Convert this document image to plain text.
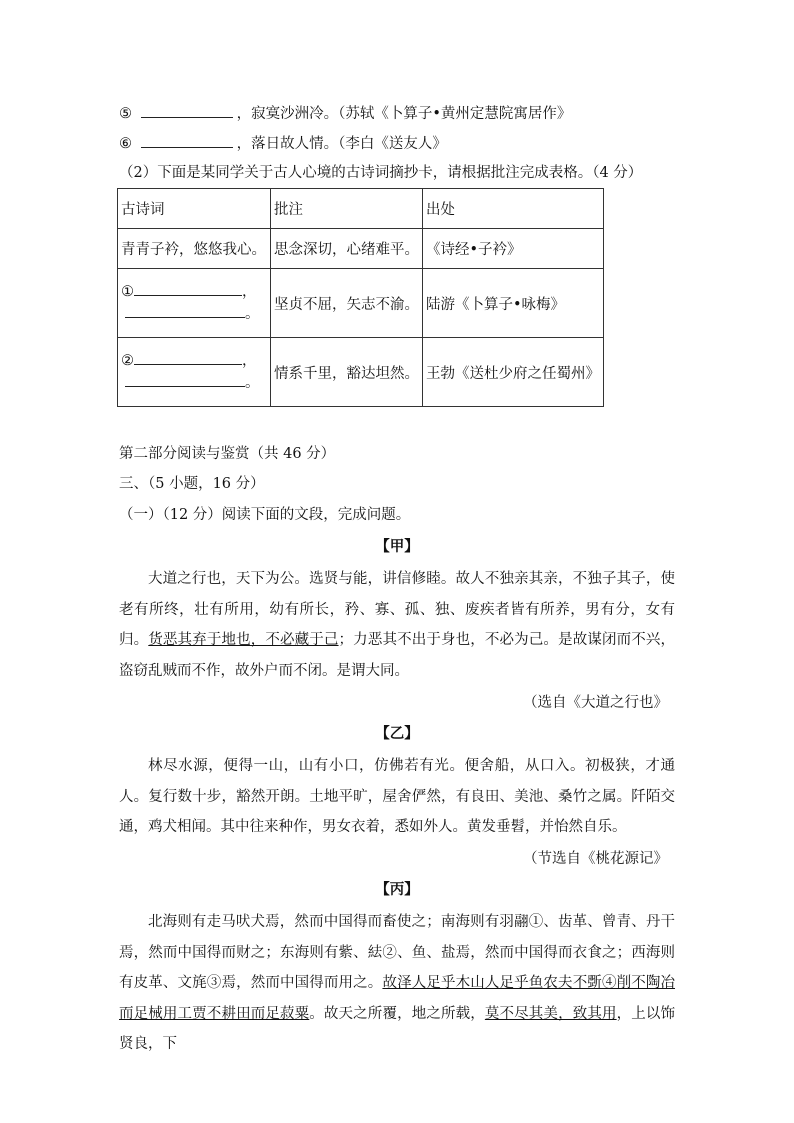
⑤	，寂寞沙洲冷。（苏轼《卜算子•黄州定慧院寓居作》
⑥	，落日故人情。（李白《送友人》
（2）下面是某同学关于古人心境的古诗词摘抄卡，请根据批注完成表格。（4 分）
古诗词	批注	出处
青青子衿，悠悠我心。	思念深切，心绪难平。	《诗经•子衿》
① ，
。	坚贞不屈，矢志不渝。	陆游《卜算子•咏梅》
② ，
。	情系千里，豁达坦然。	王勃《送杜少府之任蜀州》
第二部分阅读与鉴赏（共 46 分）
三、（5 小题，16 分）
（一）（12 分）阅读下面的文段，完成问题。
【甲】
大道之行也，天下为公。选贤与能，讲信修睦。故人不独亲其亲，不独子其子，使老有所终，壮有所用，幼有所长，矜、寡、孤、独、废疾者皆有所养，男有分，女有归。货恶其弃于地也，不必藏于己；力恶其不出于身也，不必为己。是故谋闭而不兴，盗窃乱贼而不作，故外户而不闭。是谓大同。
（选自《大道之行也》
【乙】
林尽水源，便得一山，山有小口，仿佛若有光。便舍船，从口入。初极狭，才通人。复行数十步，豁然开朗。土地平旷，屋舍俨然，有良田、美池、桑竹之属。阡陌交通，鸡犬相闻。其中往来种作，男女衣着，悉如外人。黄发垂髫，并怡然自乐。
（节选自《桃花源记》
【丙】
北海则有走马吠犬焉，然而中国得而畜使之；南海则有羽翮①、齿革、曾青、丹干焉，然而中国得而财之；东海则有紫、紶②、鱼、盐焉，然而中国得而衣食之；西海则有皮革、文旄③焉，然而中国得而用之。故泽人足乎木山人足乎鱼农夫不斲④削不陶冶而足械用工贾不耕田而足菽粟。故天之所覆，地之所载，莫不尽其美，致其用，上以饰贤良，下
